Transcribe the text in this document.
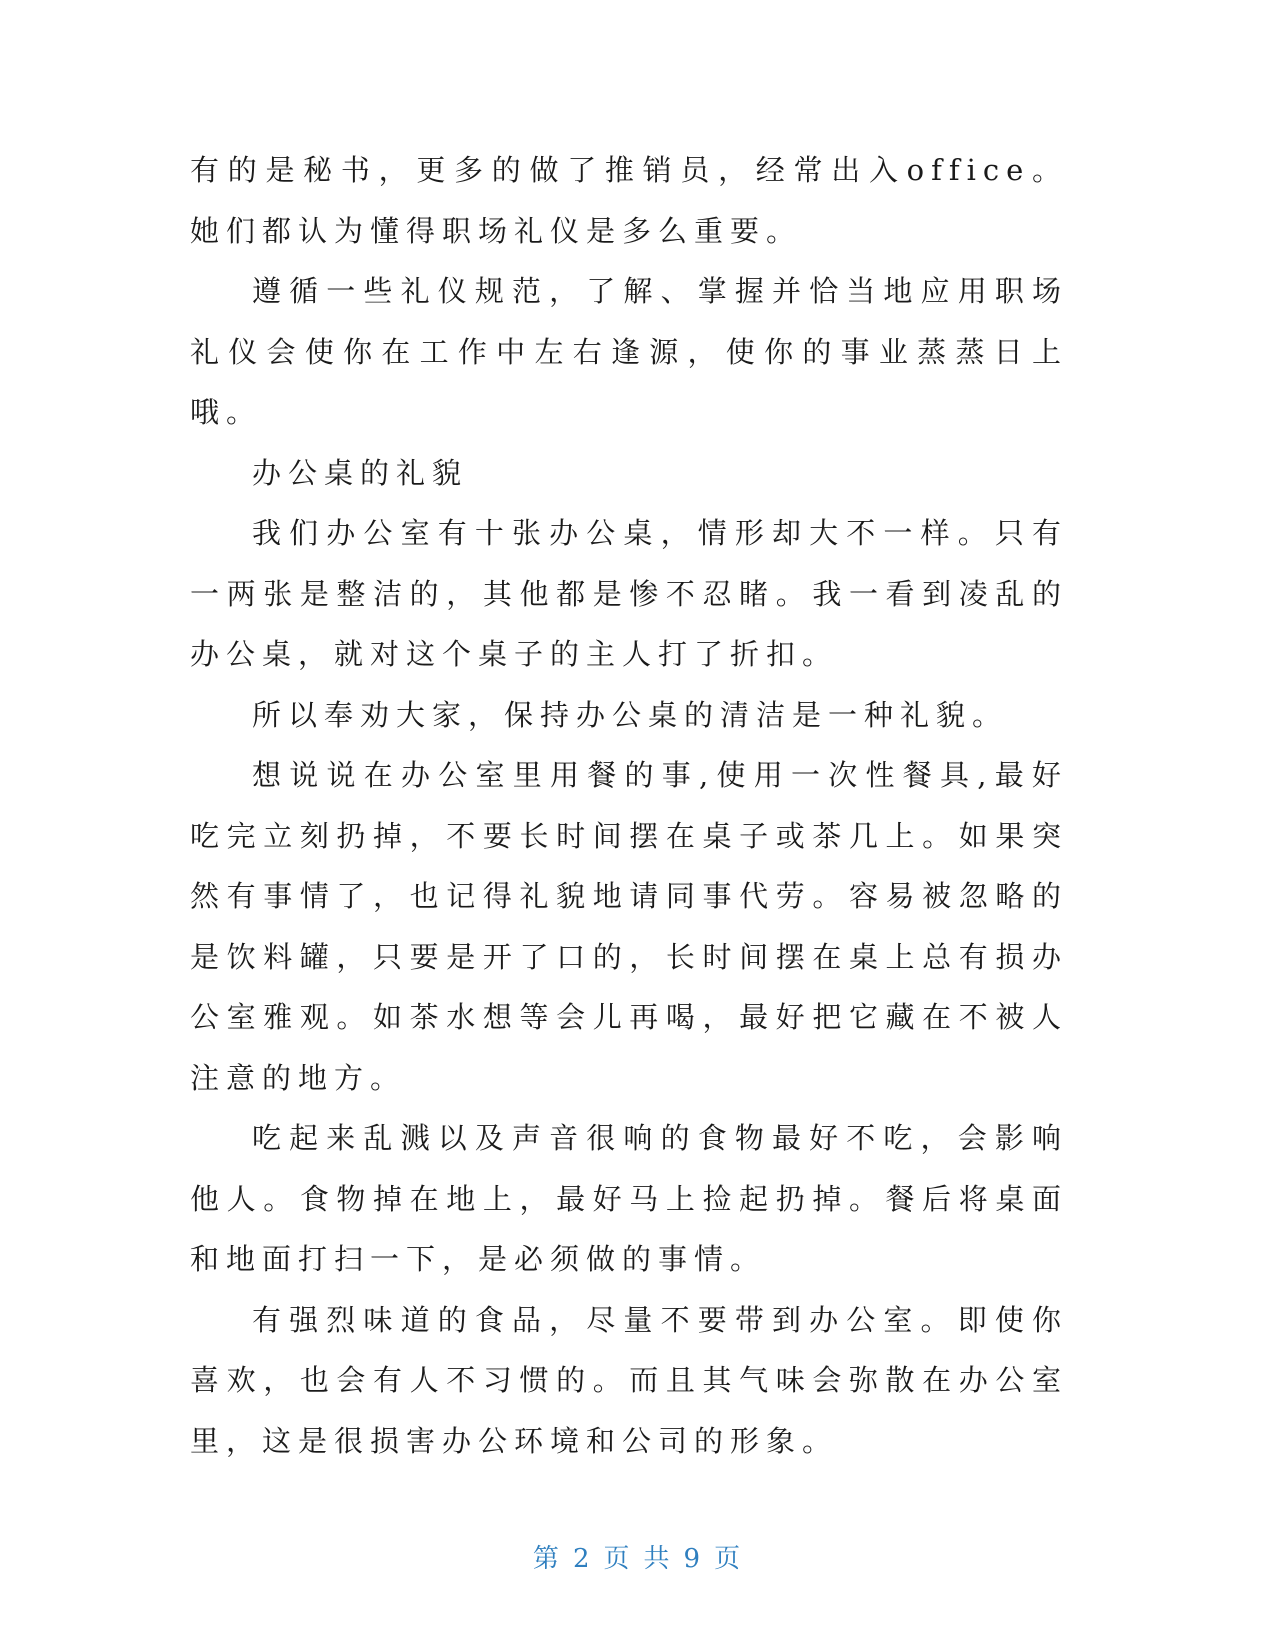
有的是秘书，更多的做了推销员，经常出入office。她们都认为懂得职场礼仪是多么重要。

遵循一些礼仪规范，了解、掌握并恰当地应用职场礼仪会使你在工作中左右逢源，使你的事业蒸蒸日上哦。

办公桌的礼貌

我们办公室有十张办公桌，情形却大不一样。只有一两张是整洁的，其他都是惨不忍睹。我一看到凌乱的办公桌，就对这个桌子的主人打了折扣。

所以奉劝大家，保持办公桌的清洁是一种礼貌。

想说说在办公室里用餐的事,使用一次性餐具,最好吃完立刻扔掉，不要长时间摆在桌子或茶几上。如果突然有事情了，也记得礼貌地请同事代劳。容易被忽略的是饮料罐，只要是开了口的，长时间摆在桌上总有损办公室雅观。如茶水想等会儿再喝，最好把它藏在不被人注意的地方。

吃起来乱溅以及声音很响的食物最好不吃，会影响他人。食物掉在地上，最好马上捡起扔掉。餐后将桌面和地面打扫一下，是必须做的事情。

有强烈味道的食品，尽量不要带到办公室。即使你喜欢，也会有人不习惯的。而且其气味会弥散在办公室里，这是很损害办公环境和公司的形象。

第 2 页 共 9 页
